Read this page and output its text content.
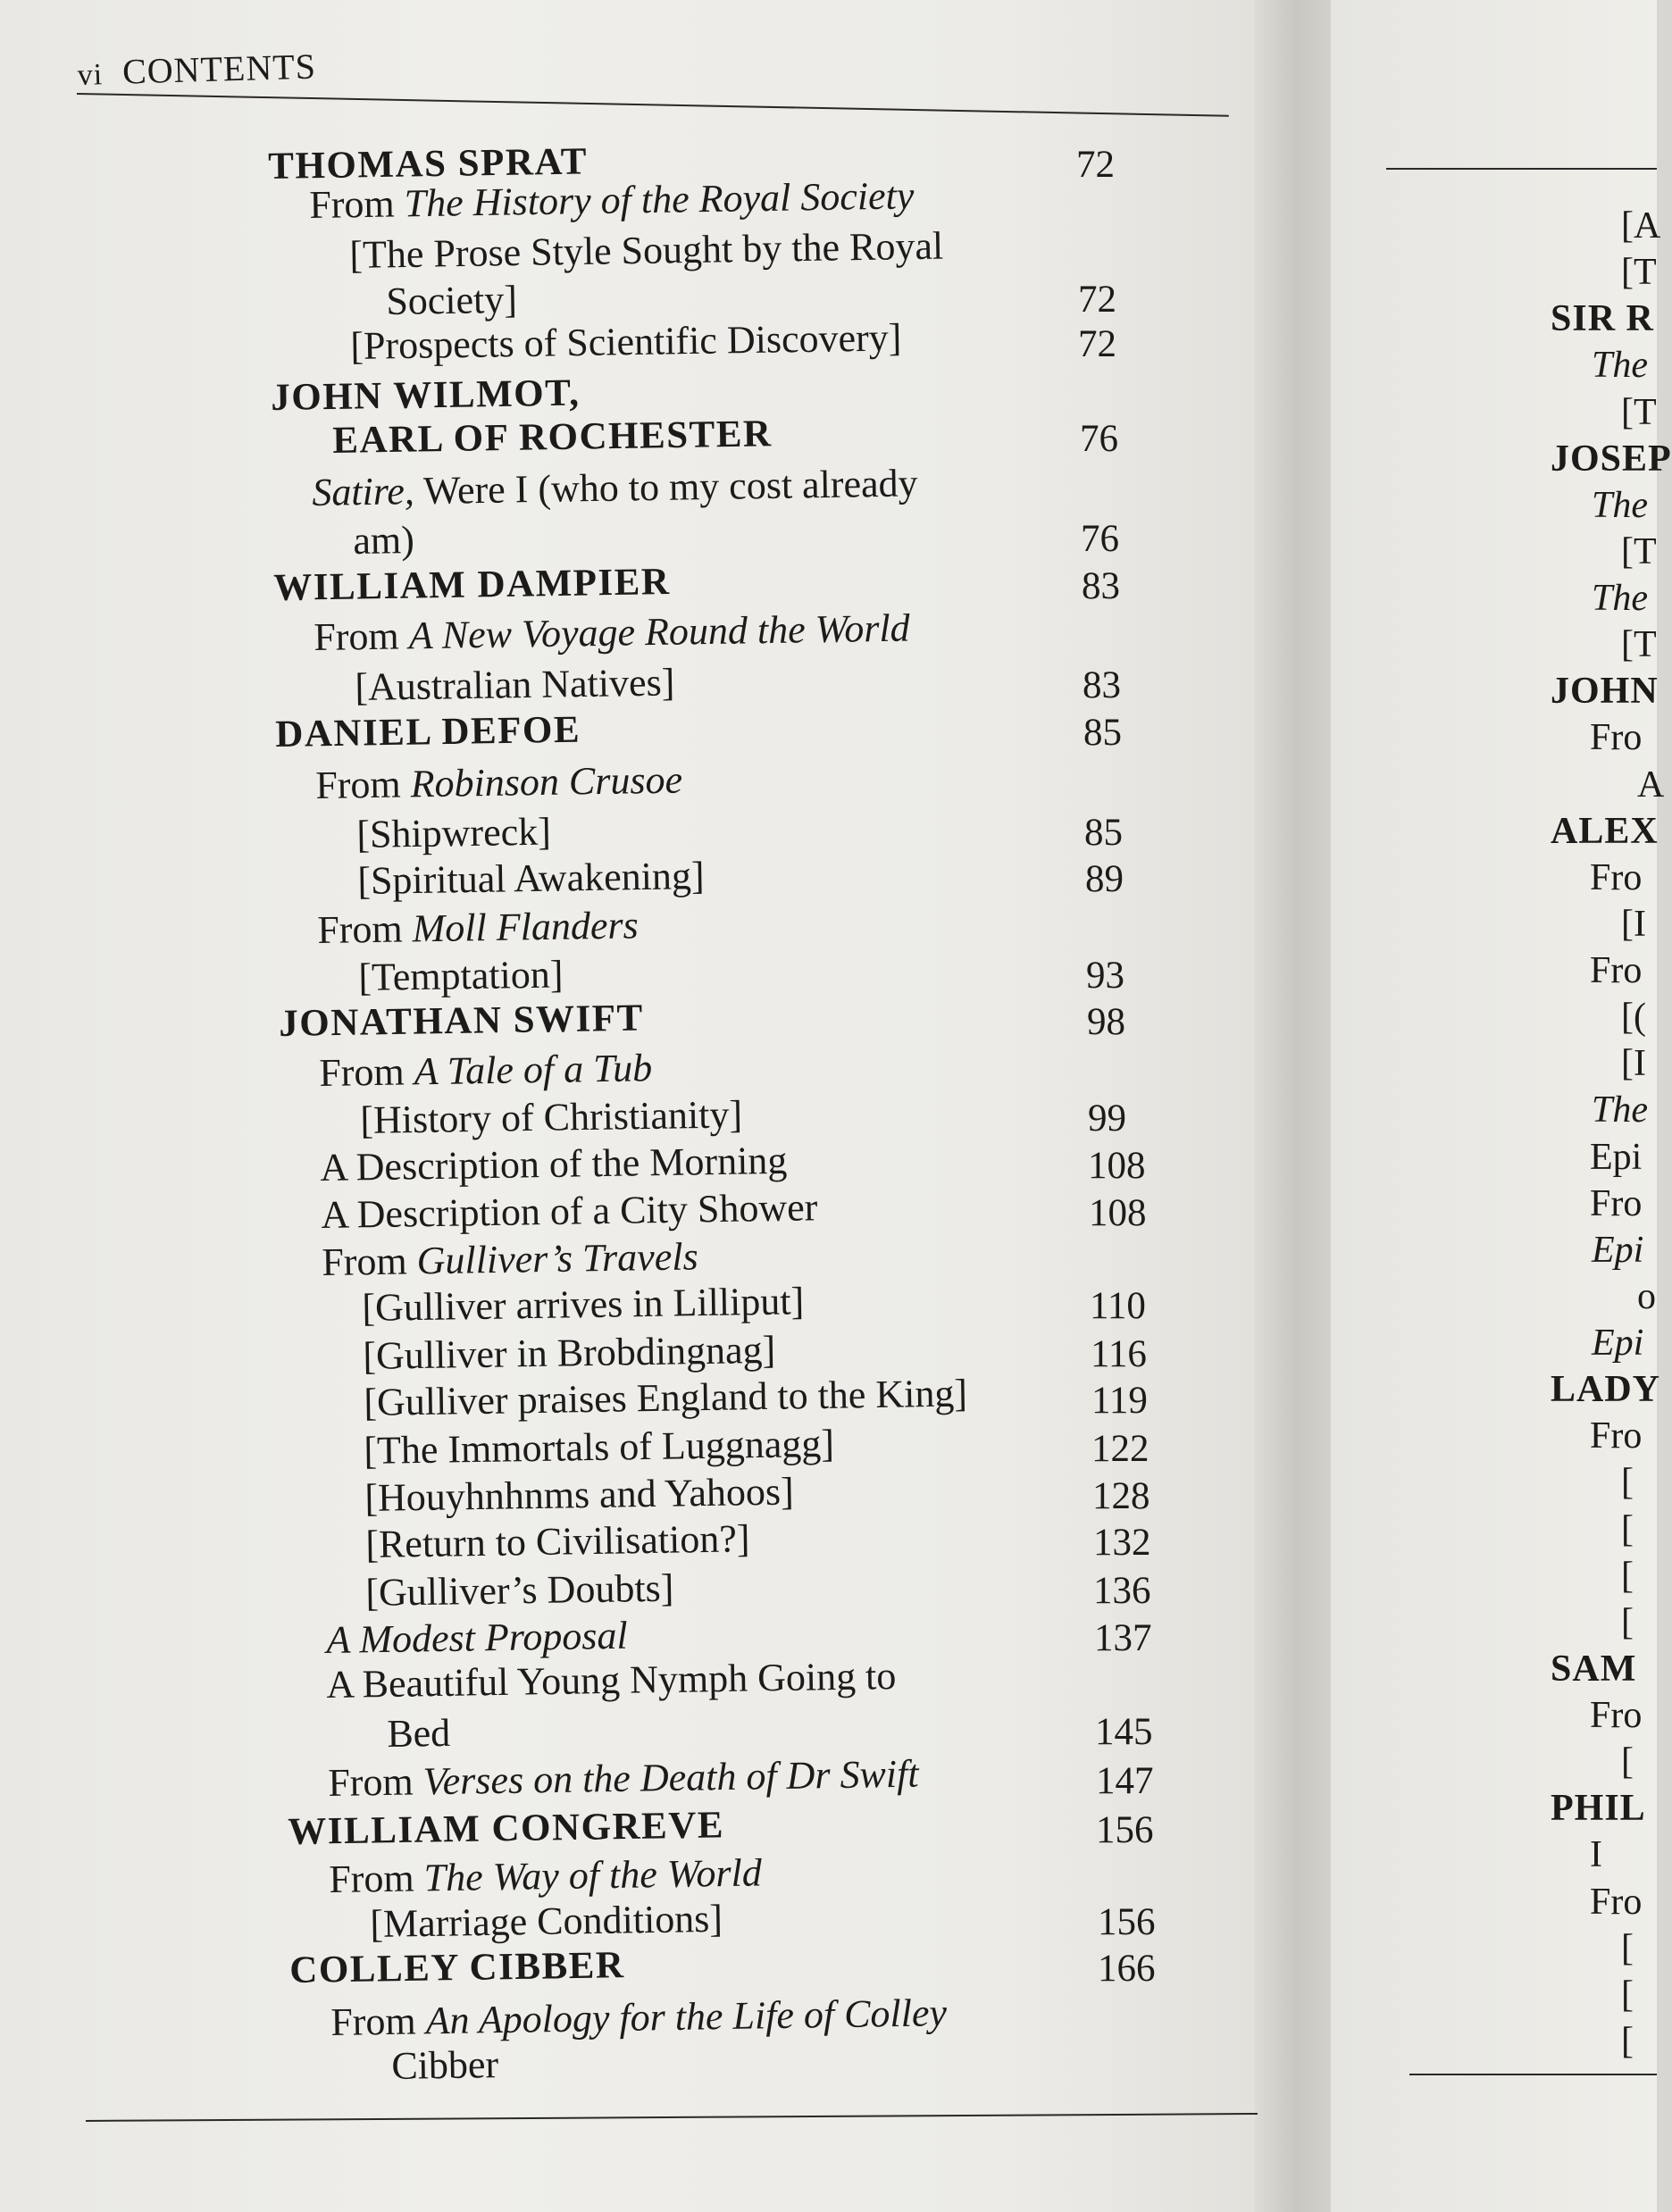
vi CONTENTS

THOMAS SPRAT	72
From The History of the Royal Society
[The Prose Style Sought by the Royal
Society]	72
[Prospects of Scientific Discovery]	72
JOHN WILMOT,
EARL OF ROCHESTER	76
Satire, Were I (who to my cost already
am)	76
WILLIAM DAMPIER	83
From A New Voyage Round the World
[Australian Natives]	83
DANIEL DEFOE	85
From Robinson Crusoe
[Shipwreck]	85
[Spiritual Awakening]	89
From Moll Flanders
[Temptation]	93
JONATHAN SWIFT	98
From A Tale of a Tub
[History of Christianity]	99
A Description of the Morning	108
A Description of a City Shower	108
From Gulliver’s Travels
[Gulliver arrives in Lilliput]	110
[Gulliver in Brobdingnag]	116
[Gulliver praises England to the King]	119
[The Immortals of Luggnagg]	122
[Houyhnhnms and Yahoos]	128
[Return to Civilisation?]	132
[Gulliver’s Doubts]	136
A Modest Proposal	137
A Beautiful Young Nymph Going to
Bed	145
From Verses on the Death of Dr Swift	147
WILLIAM CONGREVE	156
From The Way of the World
[Marriage Conditions]	156
COLLEY CIBBER	166
From An Apology for the Life of Colley
Cibber
[A
[T
SIR R
The
[T
JOSEP
The
[T
The
[T
JOHN
Fro
A
ALEX
Fro
[I
Fro
[(
[I
The
Epi
Fro
Epi
o
Epi
LADY
Fro
[
[
[
[
SAM
Fro
[
PHIL
I
Fro
[
[
[
